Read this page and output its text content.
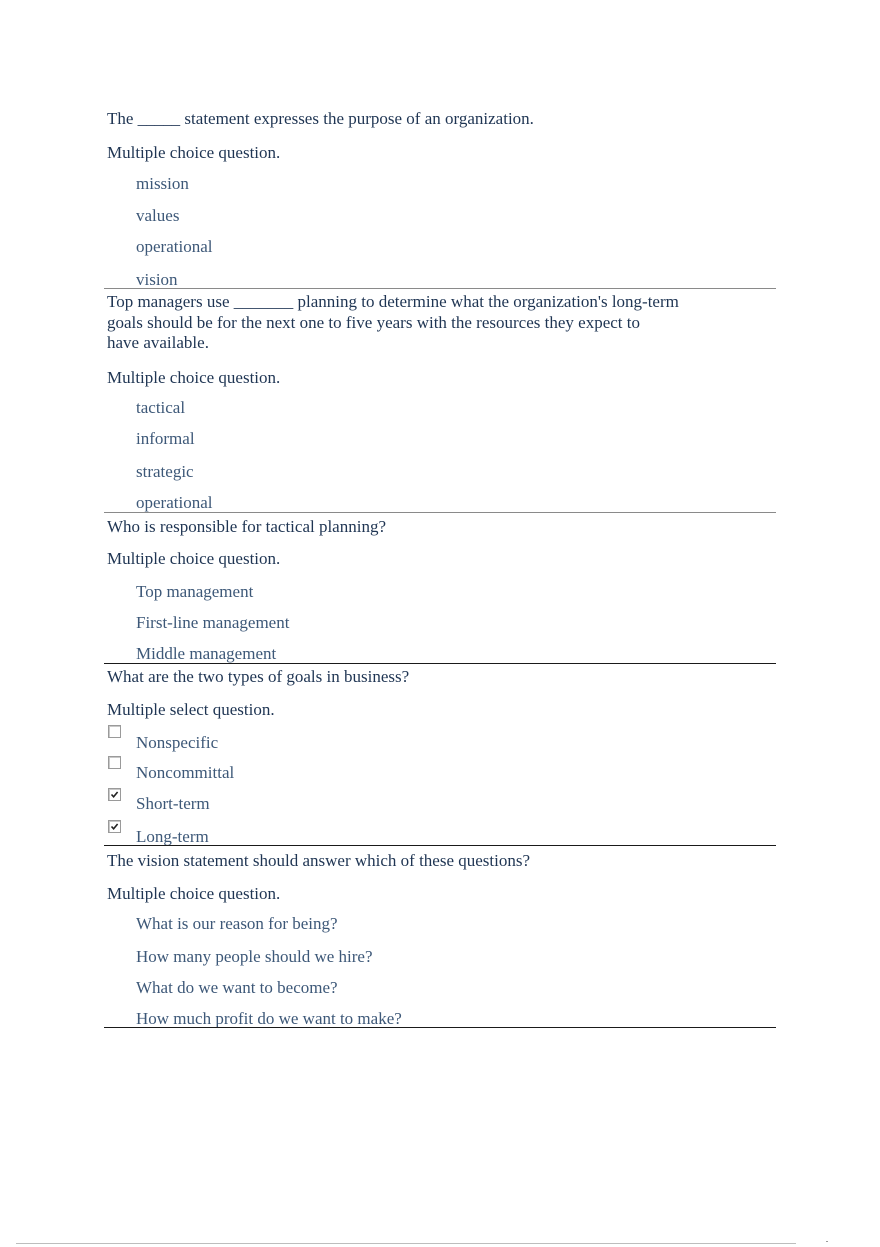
The _____ statement expresses the purpose of an organization.
Multiple choice question.
mission
values
operational
vision
Top managers use _______ planning to determine what the organization's long-term
goals should be for the next one to five years with the resources they expect to
have available.
Multiple choice question.
tactical
informal
strategic
operational
Who is responsible for tactical planning?
Multiple choice question.
Top management
First-line management
Middle management
What are the two types of goals in business?
Multiple select question.
Nonspecific
Noncommittal
Short-term
Long-term
The vision statement should answer which of these questions?
Multiple choice question.
What is our reason for being?
How many people should we hire?
What do we want to become?
How much profit do we want to make?
